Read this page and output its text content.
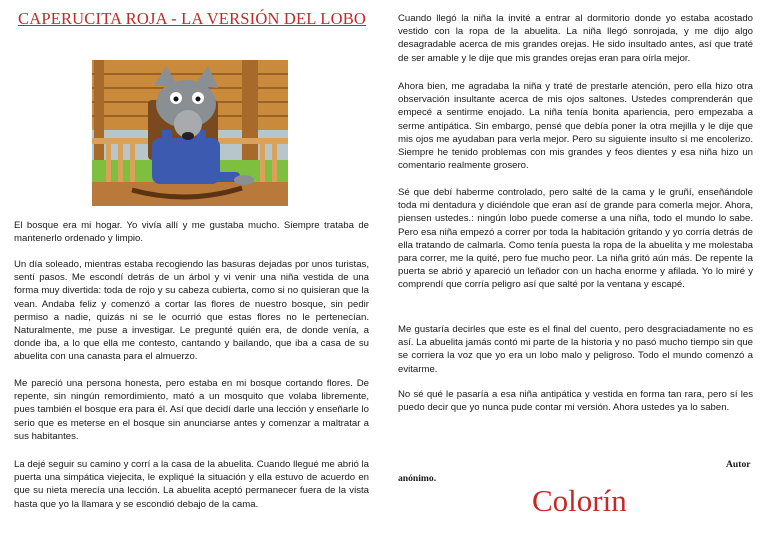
CAPERUCITA ROJA - LA VERSIÓN DEL LOBO

El bosque era mi hogar. Yo vivía allí y me gustaba mucho. Siempre trataba de mantenerlo ordenado y limpio.

Un día soleado, mientras estaba recogiendo las basuras dejadas por unos turistas, sentí pasos. Me escondí detrás de un árbol y vi venir una niña vestida de una forma muy divertida: toda de rojo y su cabeza cubierta, como si no quisieran que la vean. Andaba feliz y comenzó a cortar las flores de nuestro bosque, sin pedir permiso a nadie, quizás ni se le ocurrió que estas flores no le pertenecían. Naturalmente, me puse a investigar. Le pregunté quién era, de donde venía, a donde iba, a lo que ella me contesto, cantando y bailando, que iba a casa de su abuelita con una canasta para el almuerzo.

Me pareció una persona honesta, pero estaba en mi bosque cortando flores. De repente, sin ningún remordimiento, mató a un mosquito que volaba libremente, pues también el bosque era para él. Así que decidí darle una lección y enseñarle lo serio que es meterse en el bosque sin anunciarse antes y comenzar a maltratar a sus habitantes.

La dejé seguir su camino y corrí a la casa de la abuelita. Cuando llegué me abrió la puerta una simpática viejecita, le expliqué la situación y ella estuvo de acuerdo en que su nieta merecía una lección. La abuelita aceptó permanecer fuera de la vista hasta que yo la llamara y se escondió debajo de la cama.

Cuando llegó la niña la invité a entrar al dormitorio donde yo estaba acostado vestido con la ropa de la abuelita. La niña llegó sonrojada, y me dijo algo desagradable acerca de mis grandes orejas. He sido insultado antes, así que traté de ser amable y le dije que mis grandes orejas eran para oírla mejor.

Ahora bien, me agradaba la niña y traté de prestarle atención, pero ella hizo otra observación insultante acerca de mis ojos saltones. Ustedes comprenderán que empecé a sentirme enojado. La niña tenía bonita apariencia, pero empezaba a serme antipática. Sin embargo, pensé que debía poner la otra mejilla y le dije que mis ojos me ayudaban para verla mejor. Pero su siguiente insulto sí me encolerizo. Siempre he tenido problemas con mis grandes y feos dientes y esa niña hizo un comentario realmente grosero.

Sé que debí haberme controlado, pero salté de la cama y le gruñí, enseñándole toda mi dentadura y diciéndole que eran así de grande para comerla mejor. Ahora, piensen ustedes.: ningún lobo puede comerse a una niña, todo el mundo lo sabe. Pero esa niña empezó a correr por toda la habitación gritando y yo corría detrás de ella tratando de calmarla. Como tenía puesta la ropa de la abuelita y me molestaba para correr, me la quité, pero fue mucho peor. La niña gritó aún más. De repente la puerta se abrió y apareció un leñador con un hacha enorme y afilada. Yo lo miré y comprendí que corría peligro así que salté por la ventana y escapé.

Me gustaría decirles que este es el final del cuento, pero desgraciadamente no es así. La abuelita jamás contó mi parte de la historia y no pasó mucho tiempo sin que se corriera la voz que yo era un lobo malo y peligroso. Todo el mundo comenzó a evitarme.

No sé qué le pasaría a esa niña antipática y vestida en forma tan rara, pero sí les puedo decir que yo nunca pude contar mi versión. Ahora ustedes ya lo saben.

Autor

anónimo.

Colorín
